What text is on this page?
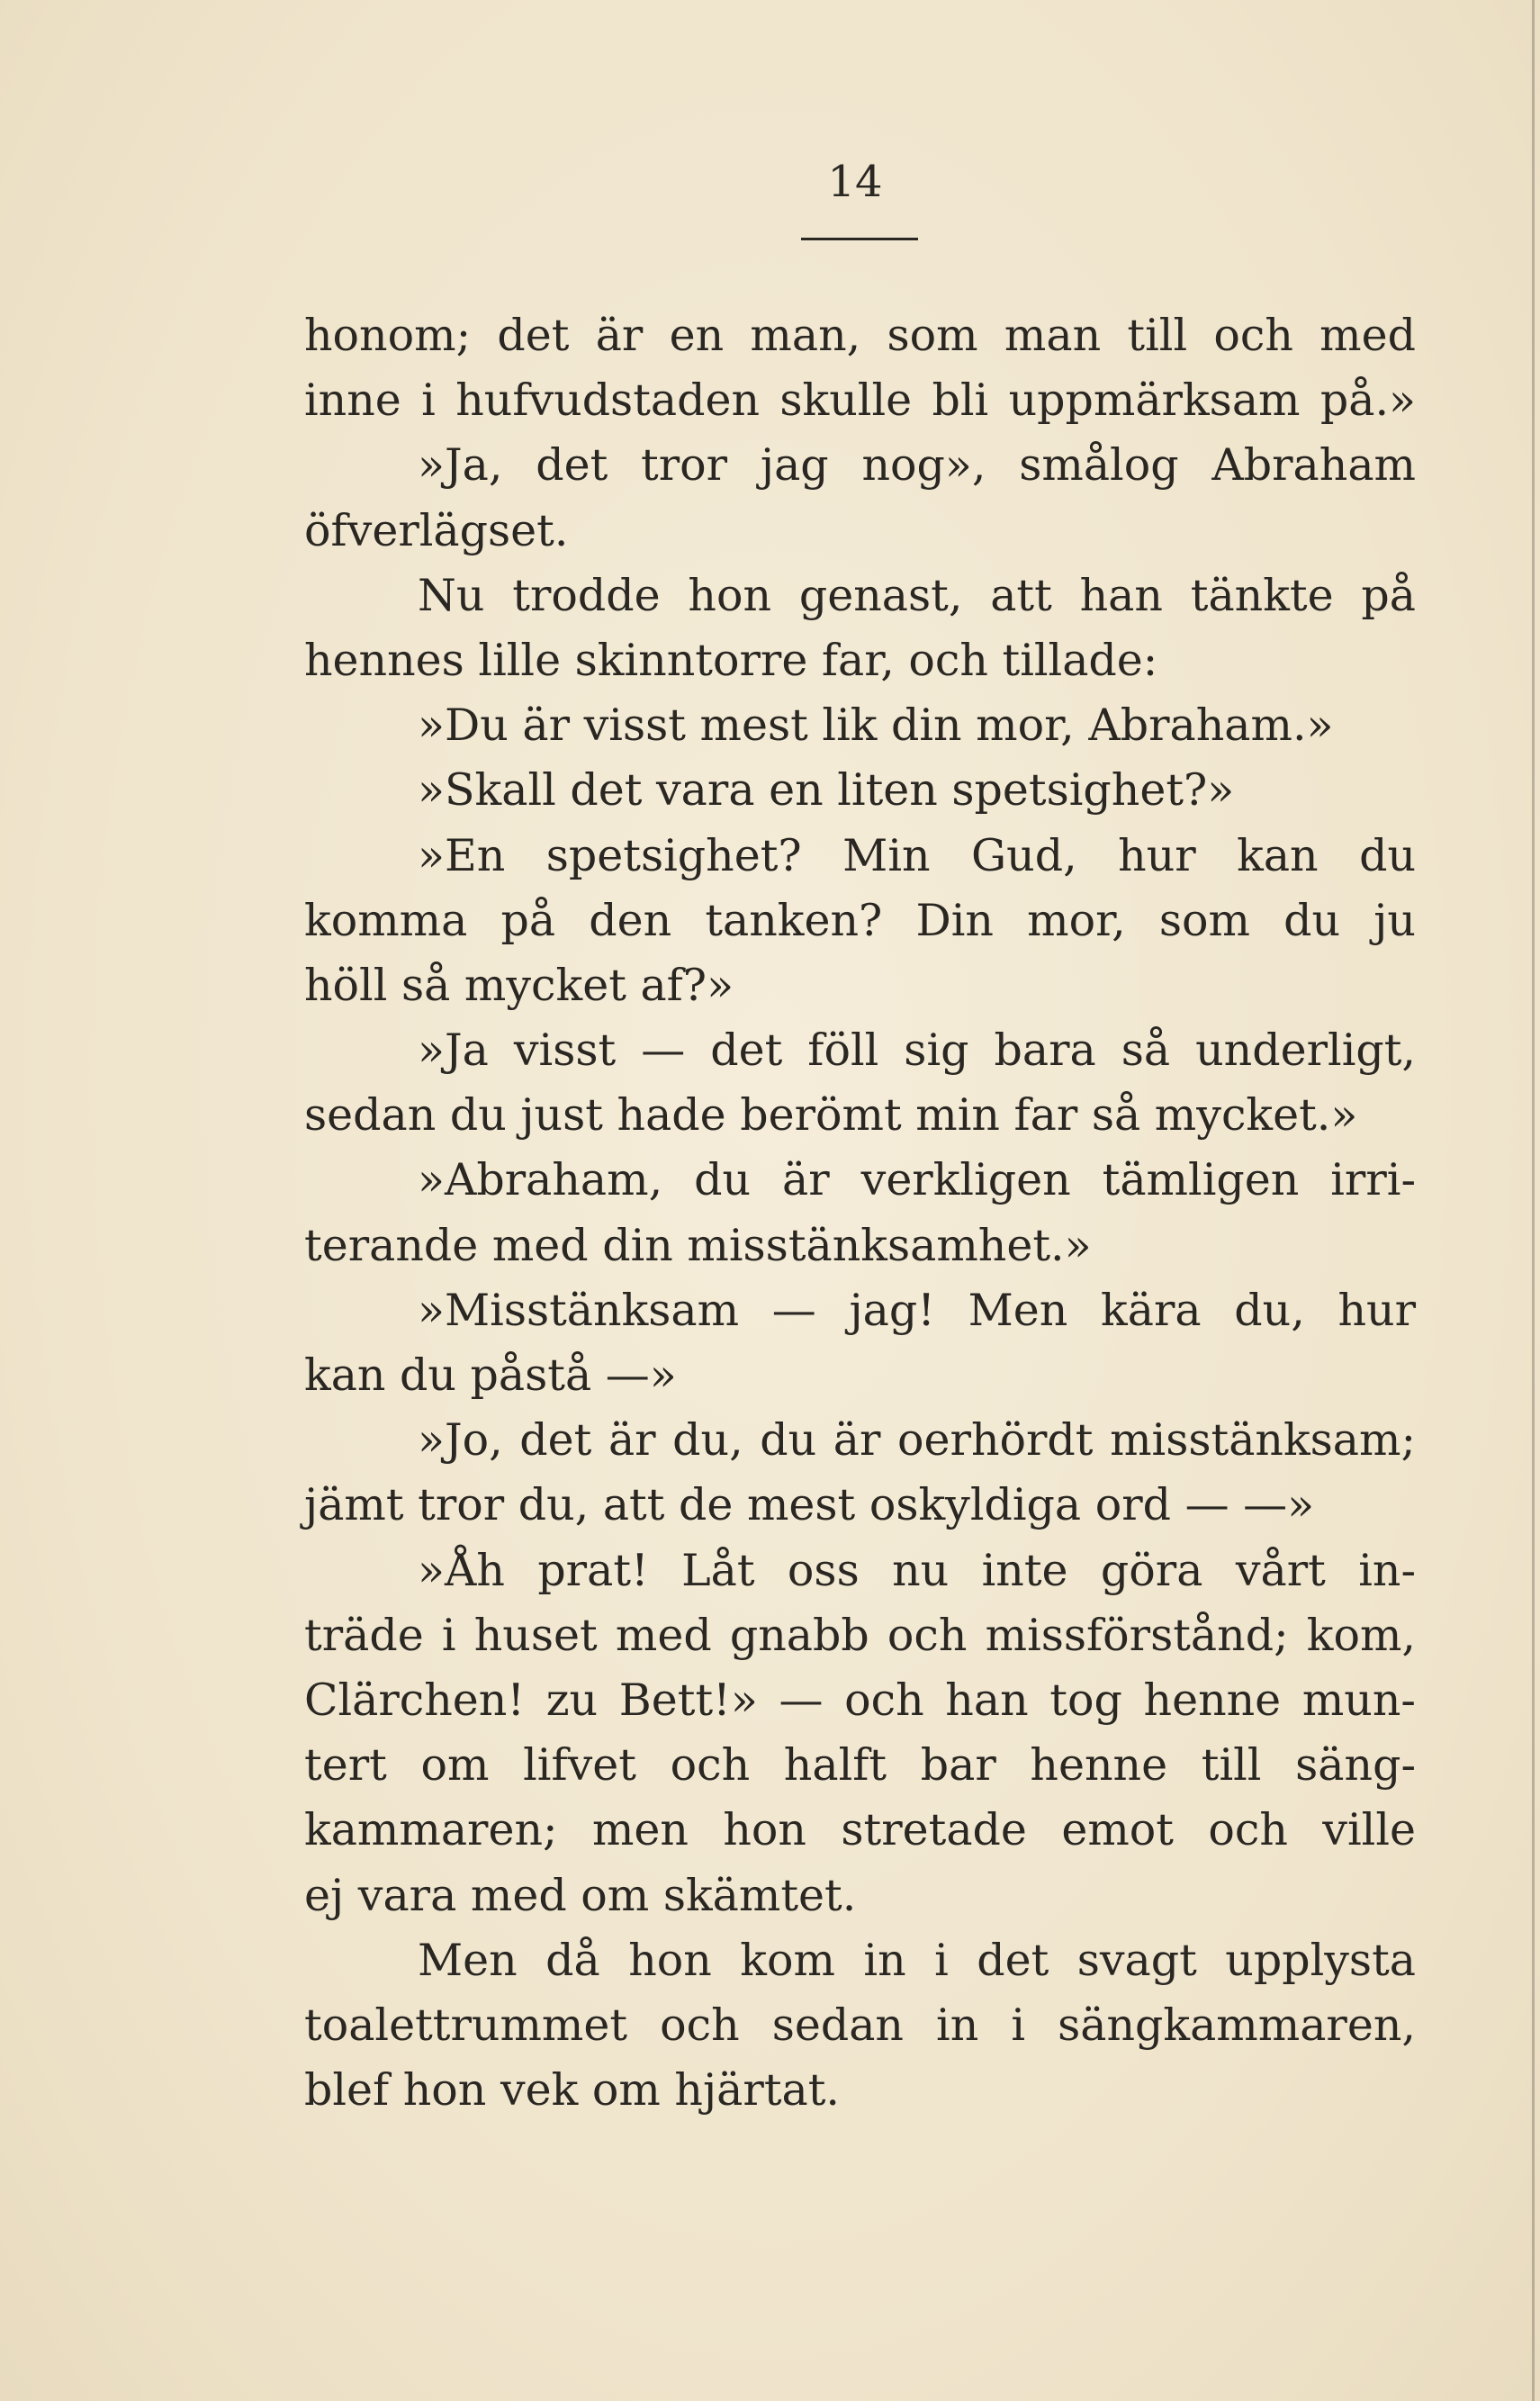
14
honom; det är en man, som man till och med
inne i hufvudstaden skulle bli uppmärksam på.»
»Ja, det tror jag nog», smålog Abraham
öfverlägset.
Nu trodde hon genast, att han tänkte på
hennes lille skinntorre far, och tillade:
»Du är visst mest lik din mor, Abraham.»
»Skall det vara en liten spetsighet?»
»En spetsighet? Min Gud, hur kan du
komma på den tanken? Din mor, som du ju
höll så mycket af?»
»Ja visst — det föll sig bara så underligt,
sedan du just hade berömt min far så mycket.»
»Abraham, du är verkligen tämligen irri-
terande med din misstänksamhet.»
»Misstänksam — jag! Men kära du, hur
kan du påstå —»
»Jo, det är du, du är oerhördt misstänksam;
jämt tror du, att de mest oskyldiga ord — —»
»Åh prat! Låt oss nu inte göra vårt in-
träde i huset med gnabb och missförstånd; kom,
Clärchen! zu Bett!» — och han tog henne mun-
tert om lifvet och halft bar henne till säng-
kammaren; men hon stretade emot och ville
ej vara med om skämtet.
Men då hon kom in i det svagt upplysta
toalettrummet och sedan in i sängkammaren,
blef hon vek om hjärtat.
